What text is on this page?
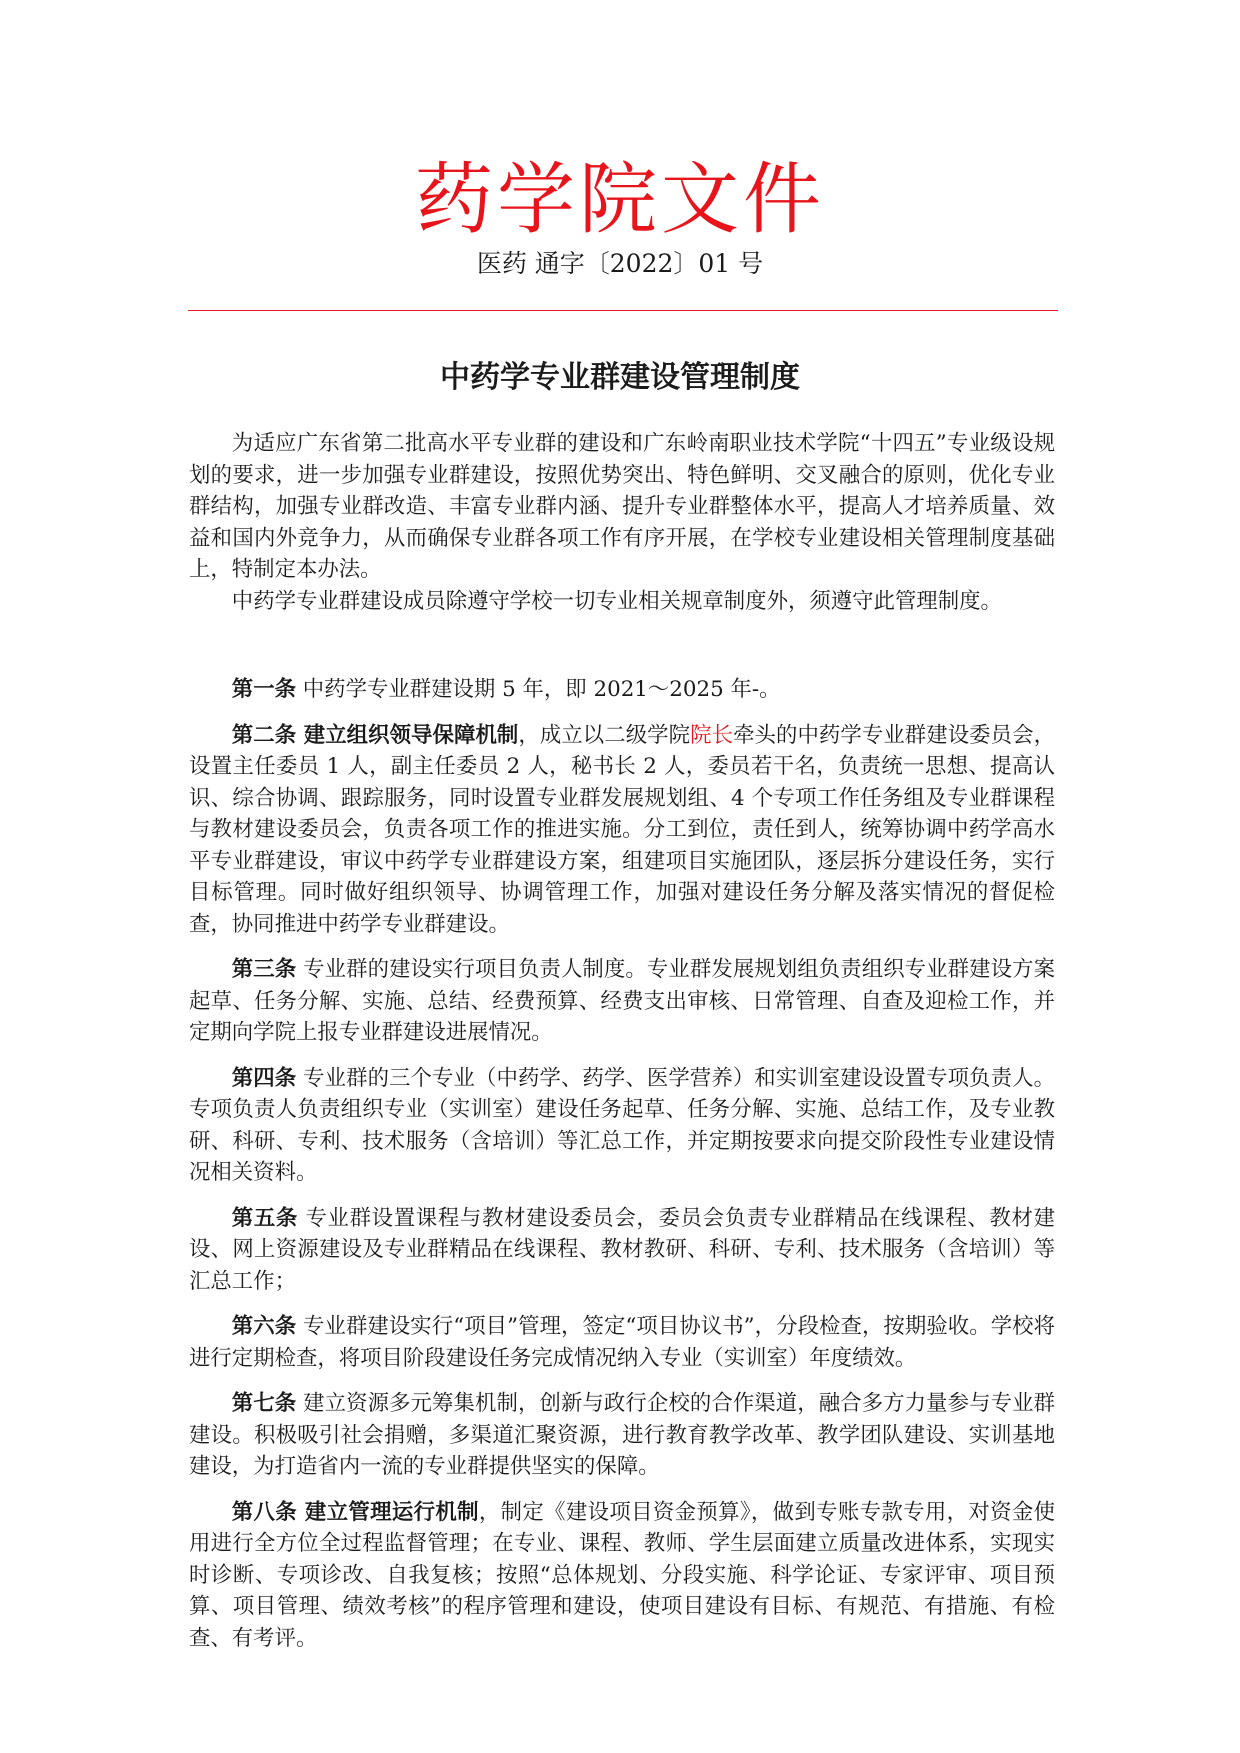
药学院文件
医药 通字〔2022〕01 号
中药学专业群建设管理制度

为适应广东省第二批高水平专业群的建设和广东岭南职业技术学院“十四五”专业级设规划的要求，进一步加强专业群建设，按照优势突出、特色鲜明、交叉融合的原则，优化专业群结构，加强专业群改造、丰富专业群内涵、提升专业群整体水平，提高人才培养质量、效益和国内外竞争力，从而确保专业群各项工作有序开展，在学校专业建设相关管理制度基础上，特制定本办法。

中药学专业群建设成员除遵守学校一切专业相关规章制度外，须遵守此管理制度。

第一条 中药学专业群建设期 5 年，即 2021～2025 年-。

第二条 建立组织领导保障机制，成立以二级学院院长牵头的中药学专业群建设委员会，设置主任委员 1 人，副主任委员 2 人，秘书长 2 人，委员若干名，负责统一思想、提高认识、综合协调、跟踪服务，同时设置专业群发展规划组、4 个专项工作任务组及专业群课程与教材建设委员会，负责各项工作的推进实施。分工到位，责任到人，统筹协调中药学高水平专业群建设，审议中药学专业群建设方案，组建项目实施团队，逐层拆分建设任务，实行目标管理。同时做好组织领导、协调管理工作，加强对建设任务分解及落实情况的督促检查，协同推进中药学专业群建设。

第三条 专业群的建设实行项目负责人制度。专业群发展规划组负责组织专业群建设方案起草、任务分解、实施、总结、经费预算、经费支出审核、日常管理、自查及迎检工作，并定期向学院上报专业群建设进展情况。

第四条 专业群的三个专业（中药学、药学、医学营养）和实训室建设设置专项负责人。专项负责人负责组织专业（实训室）建设任务起草、任务分解、实施、总结工作，及专业教研、科研、专利、技术服务（含培训）等汇总工作，并定期按要求向提交阶段性专业建设情况相关资料。

第五条 专业群设置课程与教材建设委员会，委员会负责专业群精品在线课程、教材建设、网上资源建设及专业群精品在线课程、教材教研、科研、专利、技术服务（含培训）等汇总工作；

第六条 专业群建设实行“项目”管理，签定“项目协议书”，分段检查，按期验收。学校将进行定期检查，将项目阶段建设任务完成情况纳入专业（实训室）年度绩效。

第七条 建立资源多元筹集机制，创新与政行企校的合作渠道，融合多方力量参与专业群建设。积极吸引社会捐赠，多渠道汇聚资源，进行教育教学改革、教学团队建设、实训基地建设，为打造省内一流的专业群提供坚实的保障。

第八条 建立管理运行机制，制定《建设项目资金预算》，做到专账专款专用，对资金使用进行全方位全过程监督管理；在专业、课程、教师、学生层面建立质量改进体系，实现实时诊断、专项诊改、自我复核；按照“总体规划、分段实施、科学论证、专家评审、项目预算、项目管理、绩效考核”的程序管理和建设，使项目建设有目标、有规范、有措施、有检查、有考评。
